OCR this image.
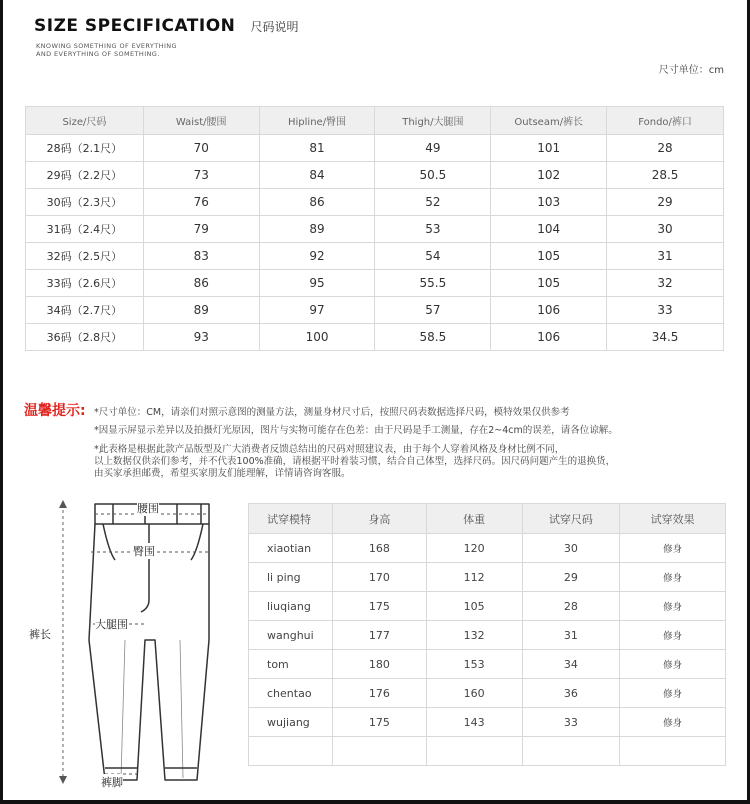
SIZE SPECIFICATION 尺码说明
KNOWING SOMETHING OF EVERYTHING
AND EVERYTHING OF SOMETHING.
尺寸单位：cm
Size/尺码	Waist/腰围	Hipline/臀围	Thigh/大腿围	Outseam/裤长	Fondo/裤口
28码（2.1尺）	70	81	49	101	28
29码（2.2尺）	73	84	50.5	102	28.5
30码（2.3尺）	76	86	52	103	29
31码（2.4尺）	79	89	53	104	30
32码（2.5尺）	83	92	54	105	31
33码（2.6尺）	86	95	55.5	105	32
34码（2.7尺）	89	97	57	106	33
36码（2.8尺）	93	100	58.5	106	34.5
温馨提示: *尺寸单位：CM，请亲们对照示意图的测量方法，测量身材尺寸后，按照尺码表数据选择尺码，模特效果仅供参考
*因显示屏显示差异以及拍摄灯光原因，图片与实物可能存在色差：由于尺码是手工测量，存在2~4cm的误差，请各位谅解。
*此表格是根据此款产品版型及广大消费者反馈总结出的尺码对照建议表，由于每个人穿着风格及身材比例不同，
以上数据仅供亲们参考，并不代表100%准确，请根据平时着装习惯，结合自己体型，选择尺码。因尺码问题产生的退换货，
由买家承担邮费，希望买家朋友们能理解，详情请咨询客服。
腰围
臀围
大腿围
裤长
裤脚
试穿模特	身高	体重	试穿尺码	试穿效果
xiaotian	168	120	30	修身
li ping	170	112	29	修身
liuqiang	175	105	28	修身
wanghui	177	132	31	修身
tom	180	153	34	修身
chentao	176	160	36	修身
wujiang	175	143	33	修身
